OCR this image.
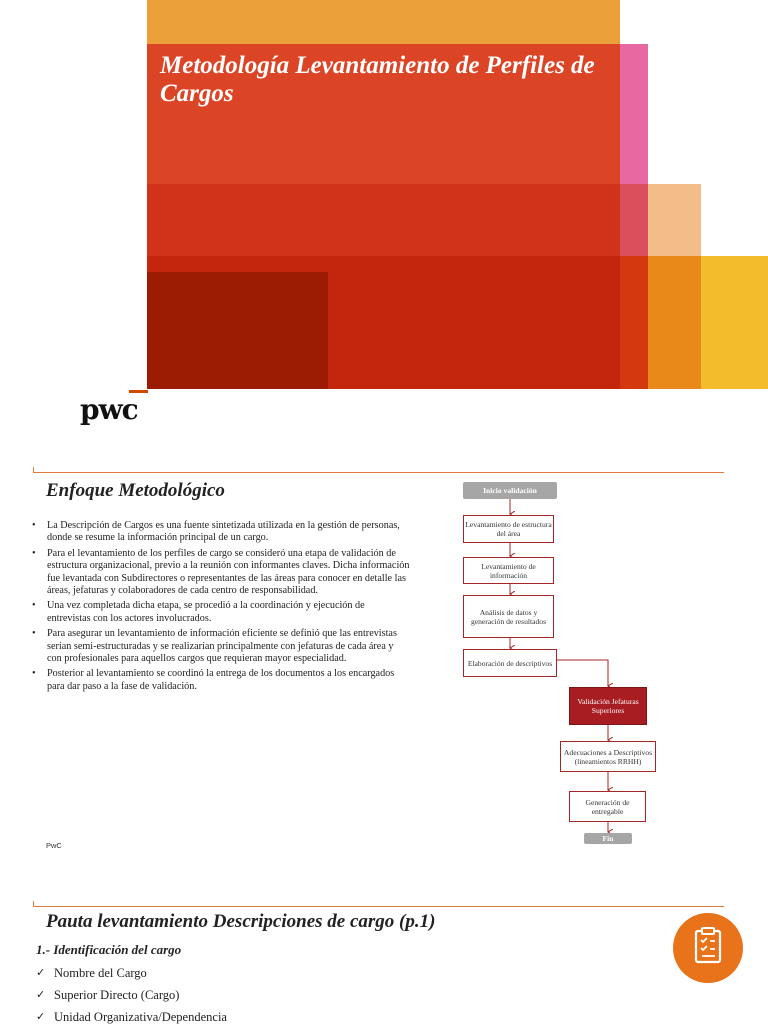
Metodología Levantamiento de Perfiles de Cargos
pwc
Enfoque Metodológico
• La Descripción de Cargos es una fuente sintetizada utilizada en la gestión de personas, donde se resume la información principal de un cargo.
• Para el levantamiento de los perfiles de cargo se consideró una etapa de validación de estructura organizacional, previo a la reunión con informantes claves. Dicha información fue levantada con Subdirectores o representantes de las áreas para conocer en detalle las áreas, jefaturas y colaboradores de cada centro de responsabilidad.
• Una vez completada dicha etapa, se procedió a la coordinación y ejecución de entrevistas con los actores involucrados.
• Para asegurar un levantamiento de información eficiente se definió que las entrevistas serían semi-estructuradas y se realizarían principalmente con jefaturas de cada área y con profesionales para aquellos cargos que requieran mayor especialidad.
• Posterior al levantamiento se coordinó la entrega de los documentos a los encargados para dar paso a la fase de validación.
PwC
Inicio validación
Levantamiento de estructura del área
Levantamiento de información
Análisis de datos y generación de resultados
Elaboración de descriptivos
Validación Jefaturas Superiores
Adecuaciones a Descriptivos (lineamientos RRHH)
Generación de entregable
Fin
Pauta levantamiento Descripciones de cargo (p.1)
1.- Identificación del cargo
✓ Nombre del Cargo
✓ Superior Directo (Cargo)
✓ Unidad Organizativa/Dependencia
